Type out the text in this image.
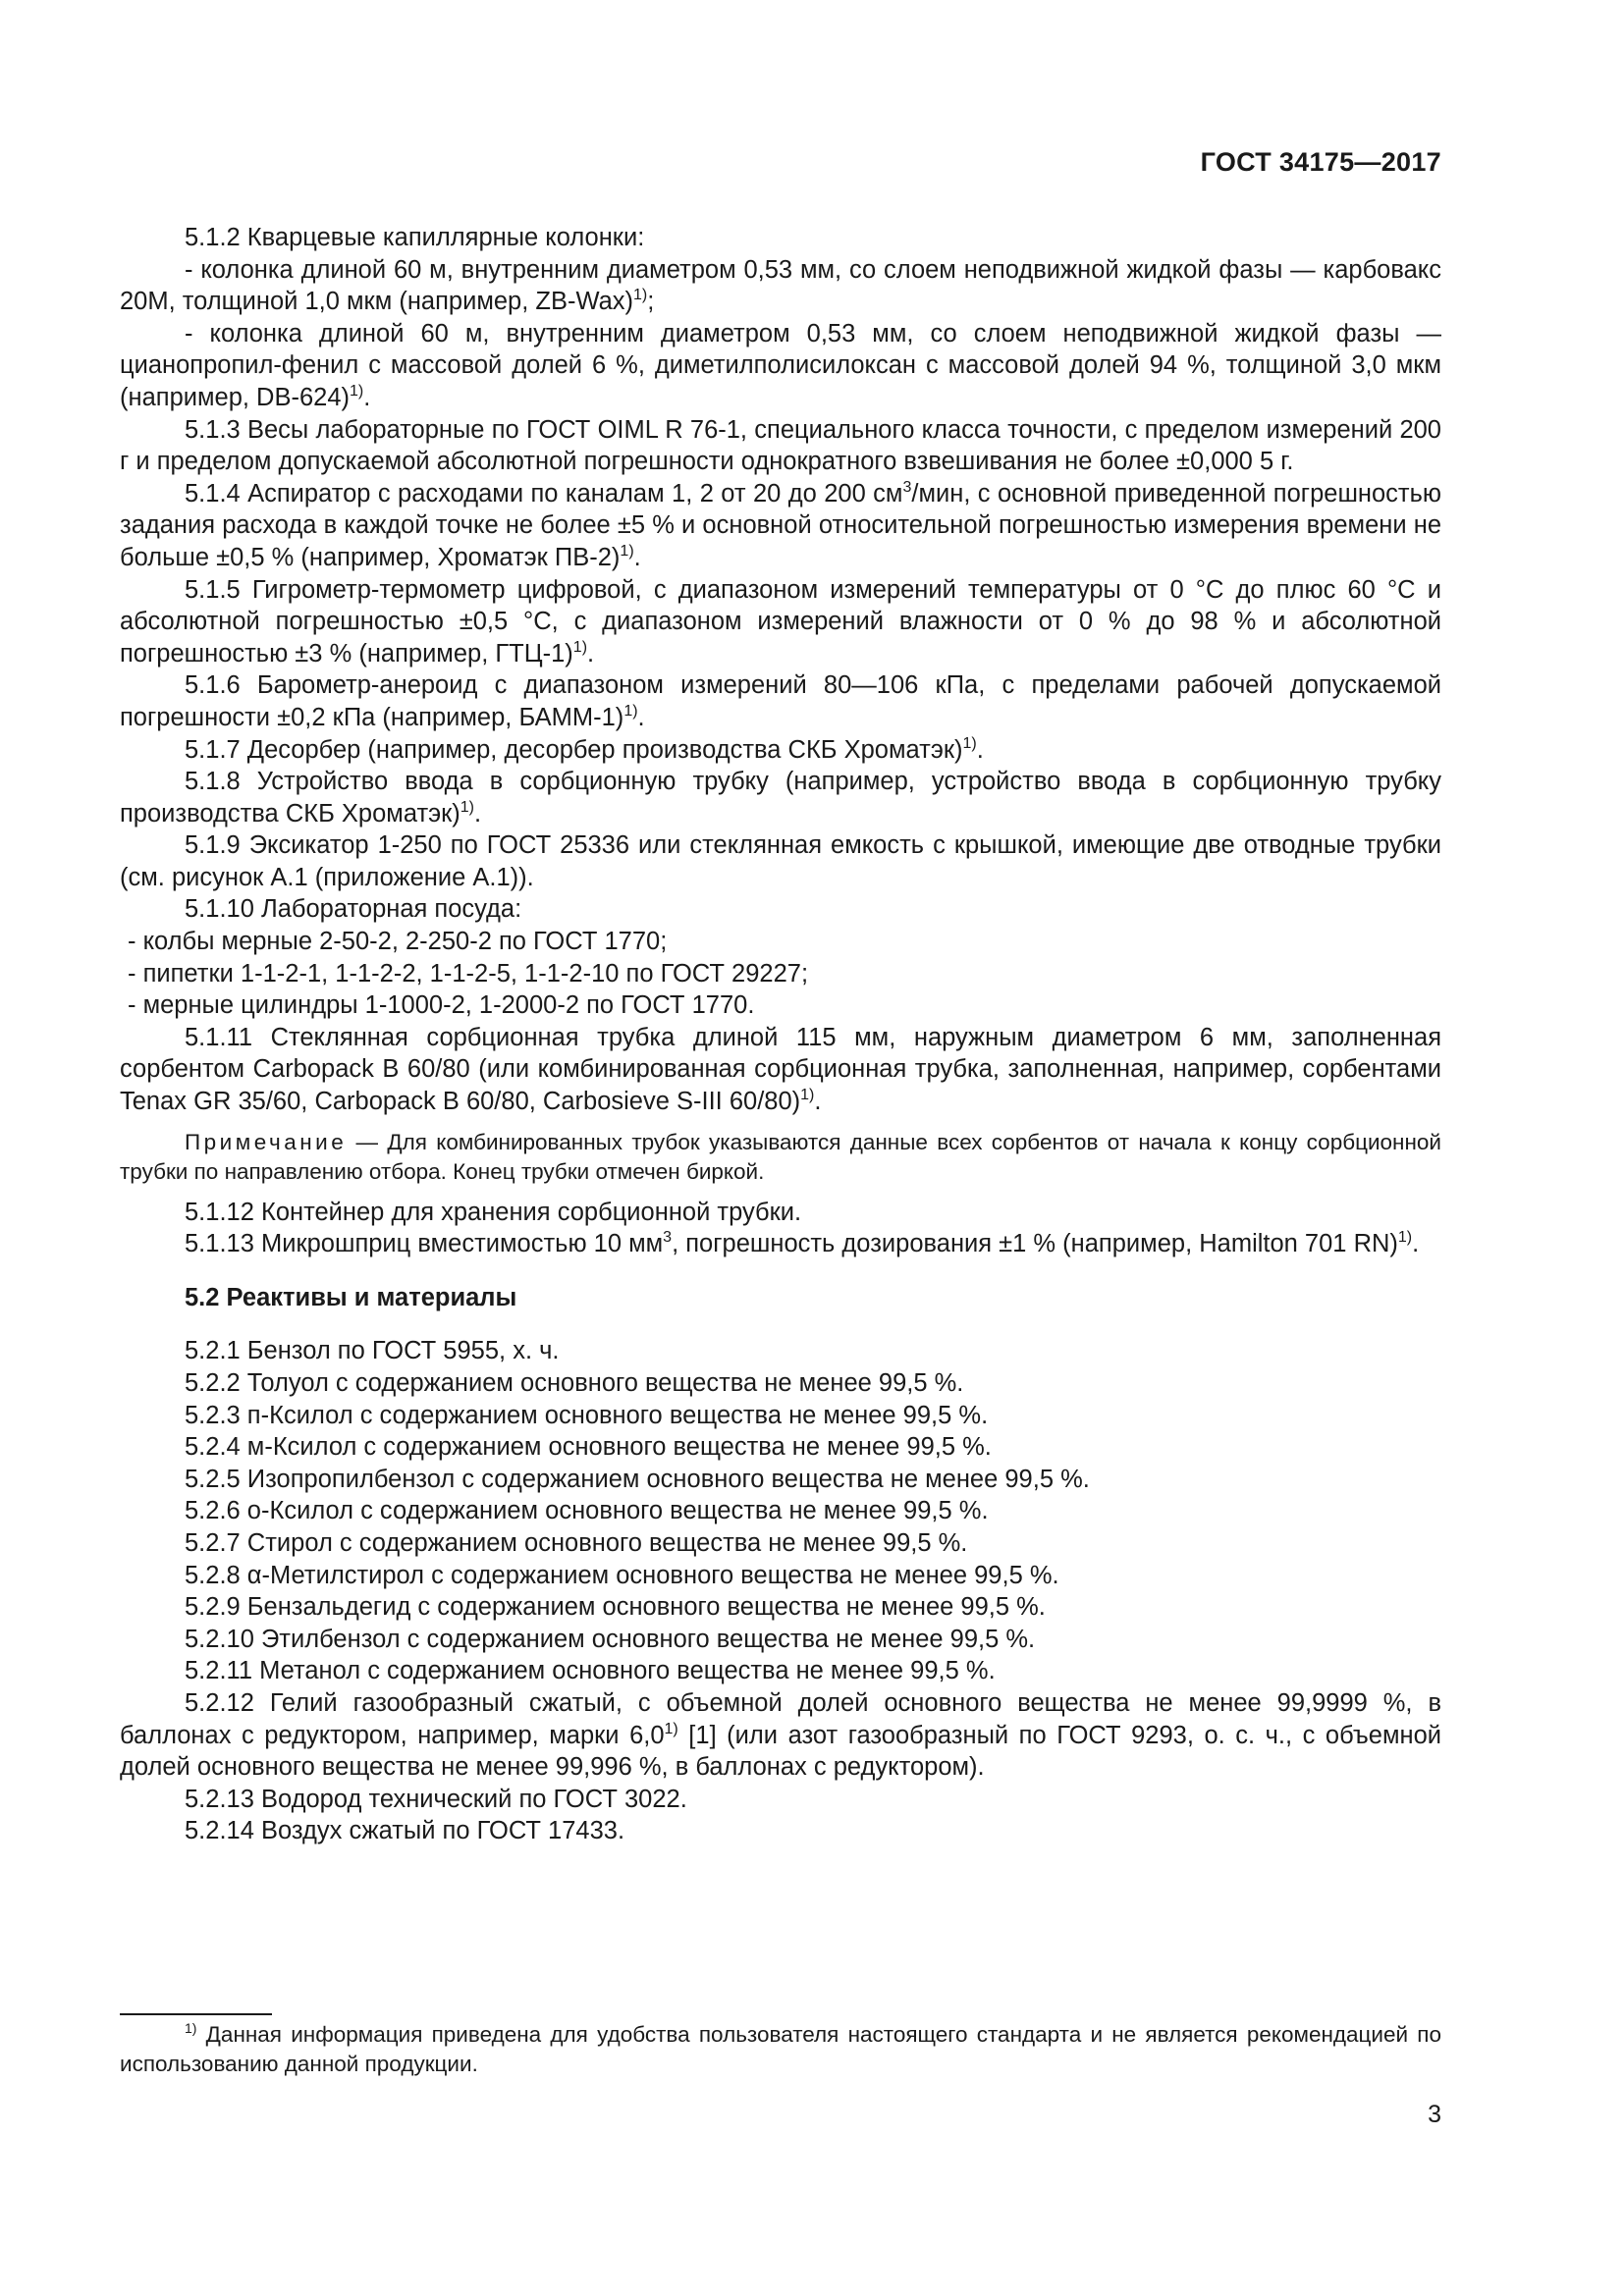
ГОСТ 34175—2017

5.1.2 Кварцевые капиллярные колонки:

- колонка длиной 60 м, внутренним диаметром 0,53 мм, со слоем неподвижной жидкой фазы — карбовакс 20М, толщиной 1,0 мкм (например, ZB-Wax)$^{1)}$;

- колонка длиной 60 м, внутренним диаметром 0,53 мм, со слоем неподвижной жидкой фазы — цианопропил-фенил с массовой долей 6 %, диметилполисилоксан с массовой долей 94 %, толщиной 3,0 мкм (например, DB-624)$^{1)}$.

5.1.3 Весы лабораторные по ГОСТ OIML R 76-1, специального класса точности, с пределом измерений 200 г и пределом допускаемой абсолютной погрешности однократного взвешивания не более ±0,000 5 г.

5.1.4 Аспиратор с расходами по каналам 1, 2 от 20 до 200 $см^3$/мин, с основной приведенной погрешностью задания расхода в каждой точке не более ±5 % и основной относительной погрешностью измерения времени не больше ±0,5 % (например, Хроматэк ПВ-2)$^{1)}$.

5.1.5 Гигрометр-термометр цифровой, с диапазоном измерений температуры от 0 °С до плюс 60 °С и абсолютной погрешностью ±0,5 °С, с диапазоном измерений влажности от 0 % до 98 % и абсолютной погрешностью ±3 % (например, ГТЦ-1)$^{1)}$.

5.1.6 Барометр-анероид с диапазоном измерений 80—106 кПа, с пределами рабочей допускаемой погрешности ±0,2 кПа (например, БАММ-1)$^{1)}$.

5.1.7 Десорбер (например, десорбер производства СКБ Хроматэк)$^{1)}$.

5.1.8 Устройство ввода в сорбционную трубку (например, устройство ввода в сорбционную трубку производства СКБ Хроматэк)$^{1)}$.

5.1.9 Эксикатор 1-250 по ГОСТ 25336 или стеклянная емкость с крышкой, имеющие две отводные трубки (см. рисунок А.1 (приложение А.1)).

5.1.10 Лабораторная посуда:

- колбы мерные 2-50-2, 2-250-2 по ГОСТ 1770;

- пипетки 1-1-2-1, 1-1-2-2, 1-1-2-5, 1-1-2-10 по ГОСТ 29227;

- мерные цилиндры 1-1000-2, 1-2000-2 по ГОСТ 1770.

5.1.11 Стеклянная сорбционная трубка длиной 115 мм, наружным диаметром 6 мм, заполненная сорбентом Carbopack B 60/80 (или комбинированная сорбционная трубка, заполненная, например, сорбентами Tenax GR 35/60, Carbopack B 60/80, Carbosieve S-III 60/80)$^{1)}$.

Примечание — Для комбинированных трубок указываются данные всех сорбентов от начала к концу сорбционной трубки по направлению отбора. Конец трубки отмечен биркой.

5.1.12 Контейнер для хранения сорбционной трубки.

5.1.13 Микрошприц вместимостью 10 $мм^3$, погрешность дозирования ±1 % (например, Hamilton 701 RN)$^{1)}$.

5.2 Реактивы и материалы

5.2.1 Бензол по ГОСТ 5955, х. ч.

5.2.2 Толуол с содержанием основного вещества не менее 99,5 %.

5.2.3 п-Ксилол с содержанием основного вещества не менее 99,5 %.

5.2.4 м-Ксилол с содержанием основного вещества не менее 99,5 %.

5.2.5 Изопропилбензол с содержанием основного вещества не менее 99,5 %.

5.2.6 о-Ксилол с содержанием основного вещества не менее 99,5 %.

5.2.7 Стирол с содержанием основного вещества не менее 99,5 %.

5.2.8 α-Метилстирол с содержанием основного вещества не менее 99,5 %.

5.2.9 Бензальдегид с содержанием основного вещества не менее 99,5 %.

5.2.10 Этилбензол с содержанием основного вещества не менее 99,5 %.

5.2.11 Метанол с содержанием основного вещества не менее 99,5 %.

5.2.12 Гелий газообразный сжатый, с объемной долей основного вещества не менее 99,9999 %, в баллонах с редуктором, например, марки 6,0$^{1)}$ [1] (или азот газообразный по ГОСТ 9293, о. с. ч., с объемной долей основного вещества не менее 99,996 %, в баллонах с редуктором).

5.2.13 Водород технический по ГОСТ 3022.

5.2.14 Воздух сжатый по ГОСТ 17433.

$^{1)}$ Данная информация приведена для удобства пользователя настоящего стандарта и не является рекомендацией по использованию данной продукции.

3
